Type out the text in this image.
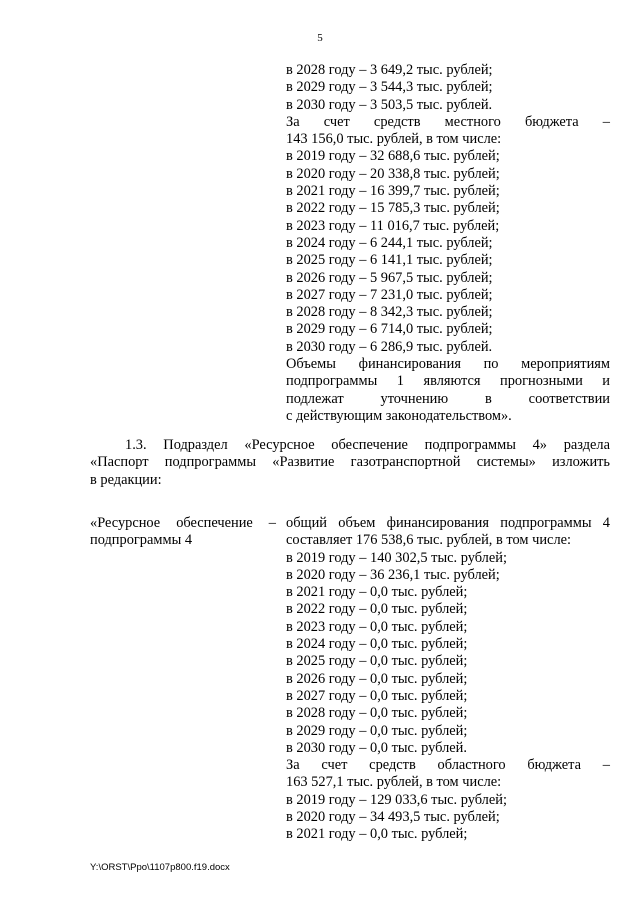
5
в 2028 году – 3 649,2 тыс. рублей;
в 2029 году – 3 544,3 тыс. рублей;
в 2030 году – 3 503,5 тыс. рублей.
За счет средств местного бюджета –
143 156,0 тыс. рублей, в том числе:
в 2019 году – 32 688,6 тыс. рублей;
в 2020 году – 20 338,8 тыс. рублей;
в 2021 году – 16 399,7 тыс. рублей;
в 2022 году – 15 785,3 тыс. рублей;
в 2023 году – 11 016,7 тыс. рублей;
в 2024 году – 6 244,1 тыс. рублей;
в 2025 году – 6 141,1 тыс. рублей;
в 2026 году – 5 967,5 тыс. рублей;
в 2027 году – 7 231,0 тыс. рублей;
в 2028 году – 8 342,3 тыс. рублей;
в 2029 году – 6 714,0 тыс. рублей;
в 2030 году – 6 286,9 тыс. рублей.
Объемы финансирования по мероприятиям
подпрограммы 1 являются прогнозными и
подлежат уточнению в соответствии
с действующим законодательством».
1.3. Подраздел «Ресурсное обеспечение подпрограммы 4» раздела
«Паспорт подпрограммы «Развитие газотранспортной системы» изложить
в редакции:
«Ресурсное обеспечение –
подпрограммы 4
общий объем финансирования подпрограммы 4
составляет 176 538,6 тыс. рублей, в том числе:
в 2019 году – 140 302,5 тыс. рублей;
в 2020 году – 36 236,1 тыс. рублей;
в 2021 году – 0,0 тыс. рублей;
в 2022 году – 0,0 тыс. рублей;
в 2023 году – 0,0 тыс. рублей;
в 2024 году – 0,0 тыс. рублей;
в 2025 году – 0,0 тыс. рублей;
в 2026 году – 0,0 тыс. рублей;
в 2027 году – 0,0 тыс. рублей;
в 2028 году – 0,0 тыс. рублей;
в 2029 году – 0,0 тыс. рублей;
в 2030 году – 0,0 тыс. рублей.
За счет средств областного бюджета –
163 527,1 тыс. рублей, в том числе:
в 2019 году – 129 033,6 тыс. рублей;
в 2020 году – 34 493,5 тыс. рублей;
в 2021 году – 0,0 тыс. рублей;
Y:\ORST\Ppo\1107p800.f19.docx
